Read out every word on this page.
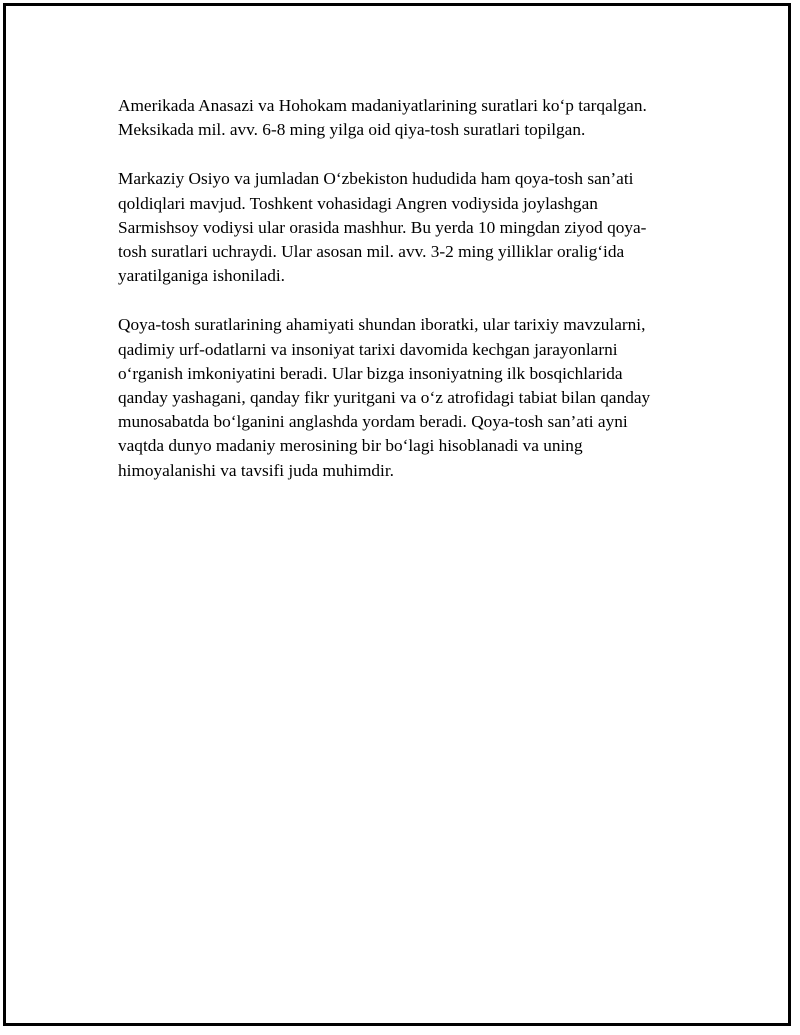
Amerikada Anasazi va Hohokam madaniyatlarining suratlari ko‘p tarqalgan.
Meksikada mil. avv. 6-8 ming yilga oid qiya-tosh suratlari topilgan.

Markaziy Osiyo va jumladan O‘zbekiston hududida ham qoya-tosh san’ati
qoldiqlari mavjud. Toshkent vohasidagi Angren vodiysida joylashgan
Sarmishsoy vodiysi ular orasida mashhur. Bu yerda 10 mingdan ziyod qoya-
tosh suratlari uchraydi. Ular asosan mil. avv. 3-2 ming yilliklar oralig‘ida
yaratilganiga ishoniladi.

Qoya-tosh suratlarining ahamiyati shundan iboratki, ular tarixiy mavzularni,
qadimiy urf-odatlarni va insoniyat tarixi davomida kechgan jarayonlarni
o‘rganish imkoniyatini beradi. Ular bizga insoniyatning ilk bosqichlarida
qanday yashagani, qanday fikr yuritgani va o‘z atrofidagi tabiat bilan qanday
munosabatda bo‘lganini anglashda yordam beradi. Qoya-tosh san’ati ayni
vaqtda dunyo madaniy merosining bir bo‘lagi hisoblanadi va uning
himoyalanishi va tavsifi juda muhimdir.
